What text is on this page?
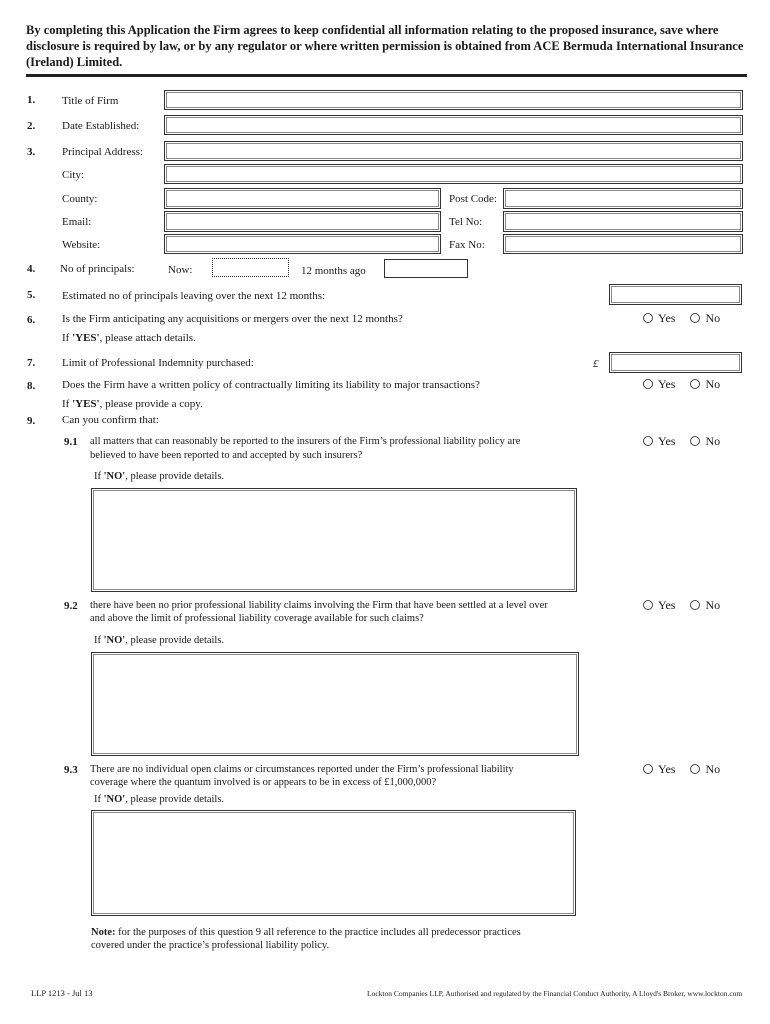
By completing this Application the Firm agrees to keep confidential all information relating to the proposed insurance, save where disclosure is required by law, or by any regulator or where written permission is obtained from ACE Bermuda International Insurance (Ireland) Limited.
1. Title of Firm
2. Date Established:
3. Principal Address:
City:
County:	Post Code:
Email:	Tel No:
Website:	Fax No:
4. No of principals:	Now:	12 months ago
5. Estimated no of principals leaving over the next 12 months:
6. Is the Firm anticipating any acquisitions or mergers over the next 12 months?
If 'YES', please attach details.
Yes	No
7. Limit of Professional Indemnity purchased:	£
8. Does the Firm have a written policy of contractually limiting its liability to major transactions?
If 'YES', please provide a copy.
Yes	No
9. Can you confirm that:
9.1 all matters that can reasonably be reported to the insurers of the Firm’s professional liability policy are
believed to have been reported to and accepted by such insurers?
Yes	No
If 'NO', please provide details.
9.2 there have been no prior professional liability claims involving the Firm that have been settled at a level over
and above the limit of professional liability coverage available for such claims?
Yes	No
If 'NO', please provide details.
9.3 There are no individual open claims or circumstances reported under the Firm’s professional liability
coverage where the quantum involved is or appears to be in excess of £1,000,000?
Yes	No
If 'NO', please provide details.
Note: for the purposes of this question 9 all reference to the practice includes all predecessor practices
covered under the practice’s professional liability policy.
LLP 1213 - Jul 13	Lockton Companies LLP, Authorised and regulated by the Financial Conduct Authority, A Lloyd's Broker, www.lockton.com
